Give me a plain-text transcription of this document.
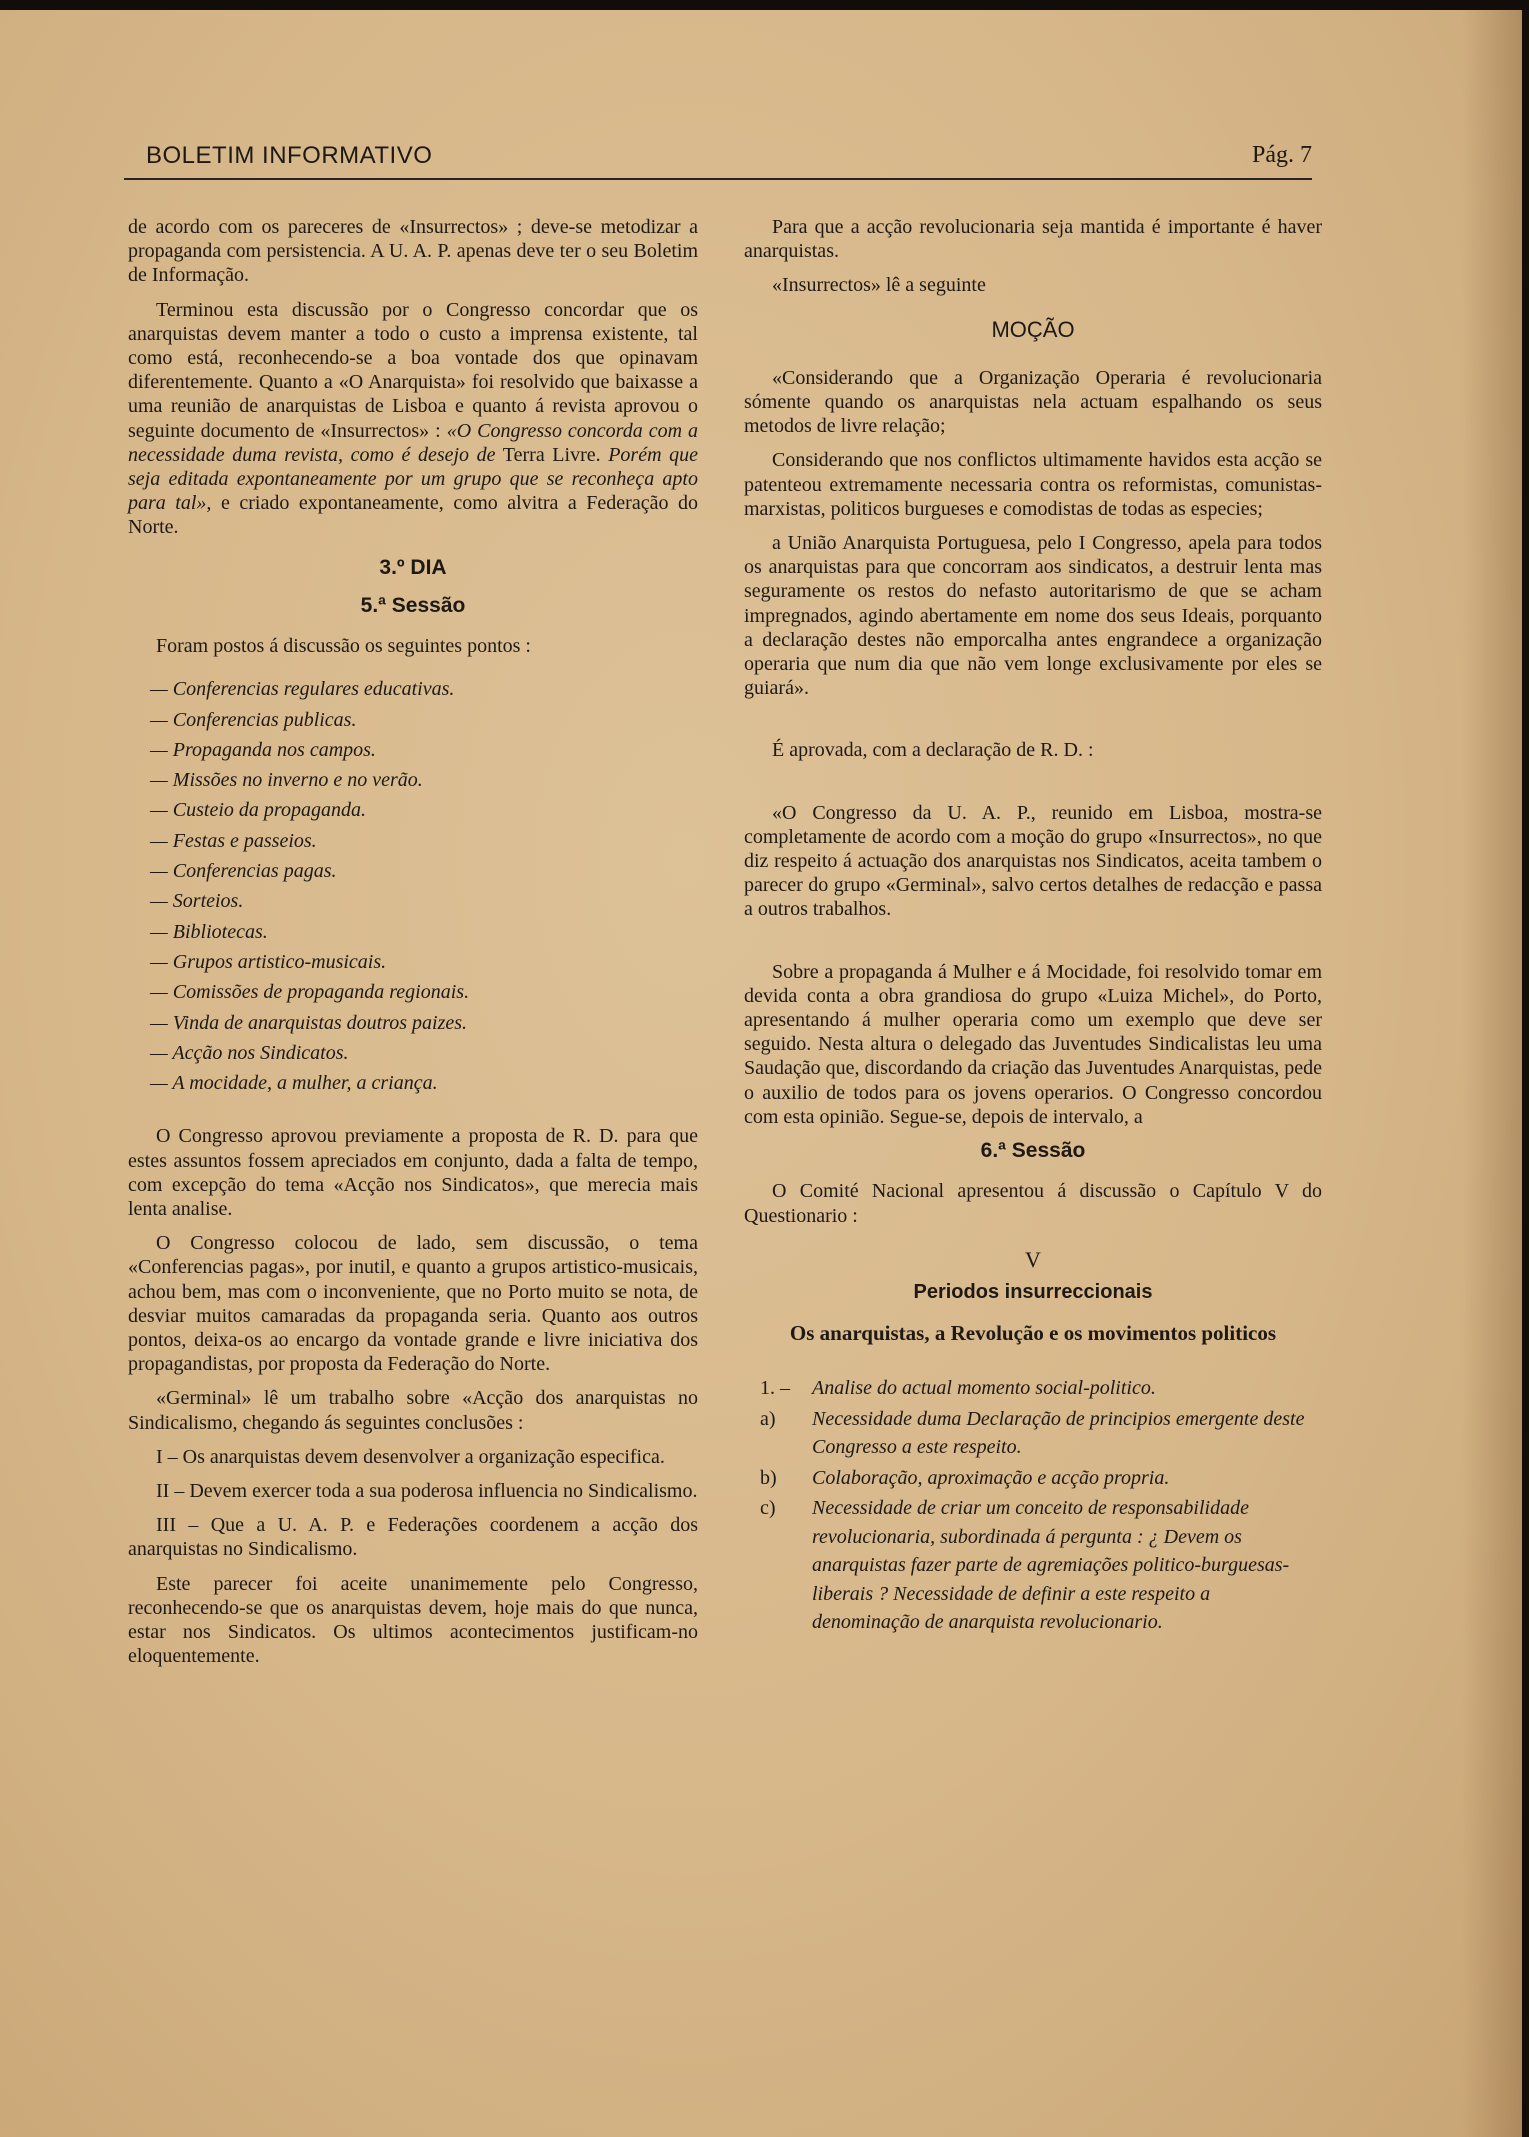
BOLETIM INFORMATIVO	Pág. 7

de acordo com os pareceres de «Insurrectos» ; deve-se metodizar a propaganda com persistencia. A U. A. P. apenas deve ter o seu Boletim de Informação.

Terminou esta discussão por o Congresso concordar que os anarquistas devem manter a todo o custo a imprensa existente, tal como está, reconhecendo-se a boa vontade dos que opinavam diferentemente. Quanto a «O Anarquista» foi resolvido que baixasse a uma reunião de anarquistas de Lisboa e quanto á revista aprovou o seguinte documento de «Insurrectos» : «O Congresso concorda com a necessidade duma revista, como é desejo de Terra Livre. Porém que seja editada expontaneamente por um grupo que se reconheça apto para tal», e criado expontaneamente, como alvitra a Federação do Norte.

3.º DIA
5.ª Sessão

Foram postos á discussão os seguintes pontos :

— Conferencias regulares educativas.
— Conferencias publicas.
— Propaganda nos campos.
— Missões no inverno e no verão.
— Custeio da propaganda.
— Festas e passeios.
— Conferencias pagas.
— Sorteios.
— Bibliotecas.
— Grupos artistico-musicais.
— Comissões de propaganda regionais.
— Vinda de anarquistas doutros paizes.
— Acção nos Sindicatos.
— A mocidade, a mulher, a criança.

O Congresso aprovou previamente a proposta de R. D. para que estes assuntos fossem apreciados em conjunto, dada a falta de tempo, com excepção do tema «Acção nos Sindicatos», que merecia mais lenta analise.

O Congresso colocou de lado, sem discussão, o tema «Conferencias pagas», por inutil, e quanto a grupos artistico-musicais, achou bem, mas com o inconveniente, que no Porto muito se nota, de desviar muitos camaradas da propaganda seria. Quanto aos outros pontos, deixa-os ao encargo da vontade grande e livre iniciativa dos propagandistas, por proposta da Federação do Norte.

«Germinal» lê um trabalho sobre «Acção dos anarquistas no Sindicalismo, chegando ás seguintes conclusões :

I – Os anarquistas devem desenvolver a organização especifica.

II – Devem exercer toda a sua poderosa influencia no Sindicalismo.

III – Que a U. A. P. e Federações coordenem a acção dos anarquistas no Sindicalismo.

Este parecer foi aceite unanimemente pelo Congresso, reconhecendo-se que os anarquistas devem, hoje mais do que nunca, estar nos Sindicatos. Os ultimos acontecimentos justificam-no eloquentemente.

Para que a acção revolucionaria seja mantida é importante é haver anarquistas.

«Insurrectos» lê a seguinte

MOÇÃO

«Considerando que a Organização Operaria é revolucionaria sómente quando os anarquistas nela actuam espalhando os seus metodos de livre relação;

Considerando que nos conflictos ultimamente havidos esta acção se patenteou extremamente necessaria contra os reformistas, comunistas-marxistas, politicos burgueses e comodistas de todas as especies;

a União Anarquista Portuguesa, pelo I Congresso, apela para todos os anarquistas para que concorram aos sindicatos, a destruir lenta mas seguramente os restos do nefasto autoritarismo de que se acham impregnados, agindo abertamente em nome dos seus Ideais, porquanto a declaração destes não emporcalha antes engrandece a organização operaria que num dia que não vem longe exclusivamente por eles se guiará».

É aprovada, com a declaração de R. D. :

«O Congresso da U. A. P., reunido em Lisboa, mostra-se completamente de acordo com a moção do grupo «Insurrectos», no que diz respeito á actuação dos anarquistas nos Sindicatos, aceita tambem o parecer do grupo «Germinal», salvo certos detalhes de redacção e passa a outros trabalhos.

Sobre a propaganda á Mulher e á Mocidade, foi resolvido tomar em devida conta a obra grandiosa do grupo «Luiza Michel», do Porto, apresentando á mulher operaria como um exemplo que deve ser seguido. Nesta altura o delegado das Juventudes Sindicalistas leu uma Saudação que, discordando da criação das Juventudes Anarquistas, pede o auxilio de todos para os jovens operarios. O Congresso concordou com esta opinião. Segue-se, depois de intervalo, a

6.ª Sessão

O Comité Nacional apresentou á discussão o Capítulo V do Questionario :

V
Periodos insurreccionais
Os anarquistas, a Revolução e os movimentos politicos
1. – Analise do actual momento social-politico.
a) Necessidade duma Declaração de principios emergente deste Congresso a este respeito.
b) Colaboração, aproximação e acção propria.
c) Necessidade de criar um conceito de responsabilidade revolucionaria, subordinada á pergunta : ¿ Devem os anarquistas fazer parte de agremiações politico-burguesas-liberais ? Necessidade de definir a este respeito a denominação de anarquista revolucionario.
